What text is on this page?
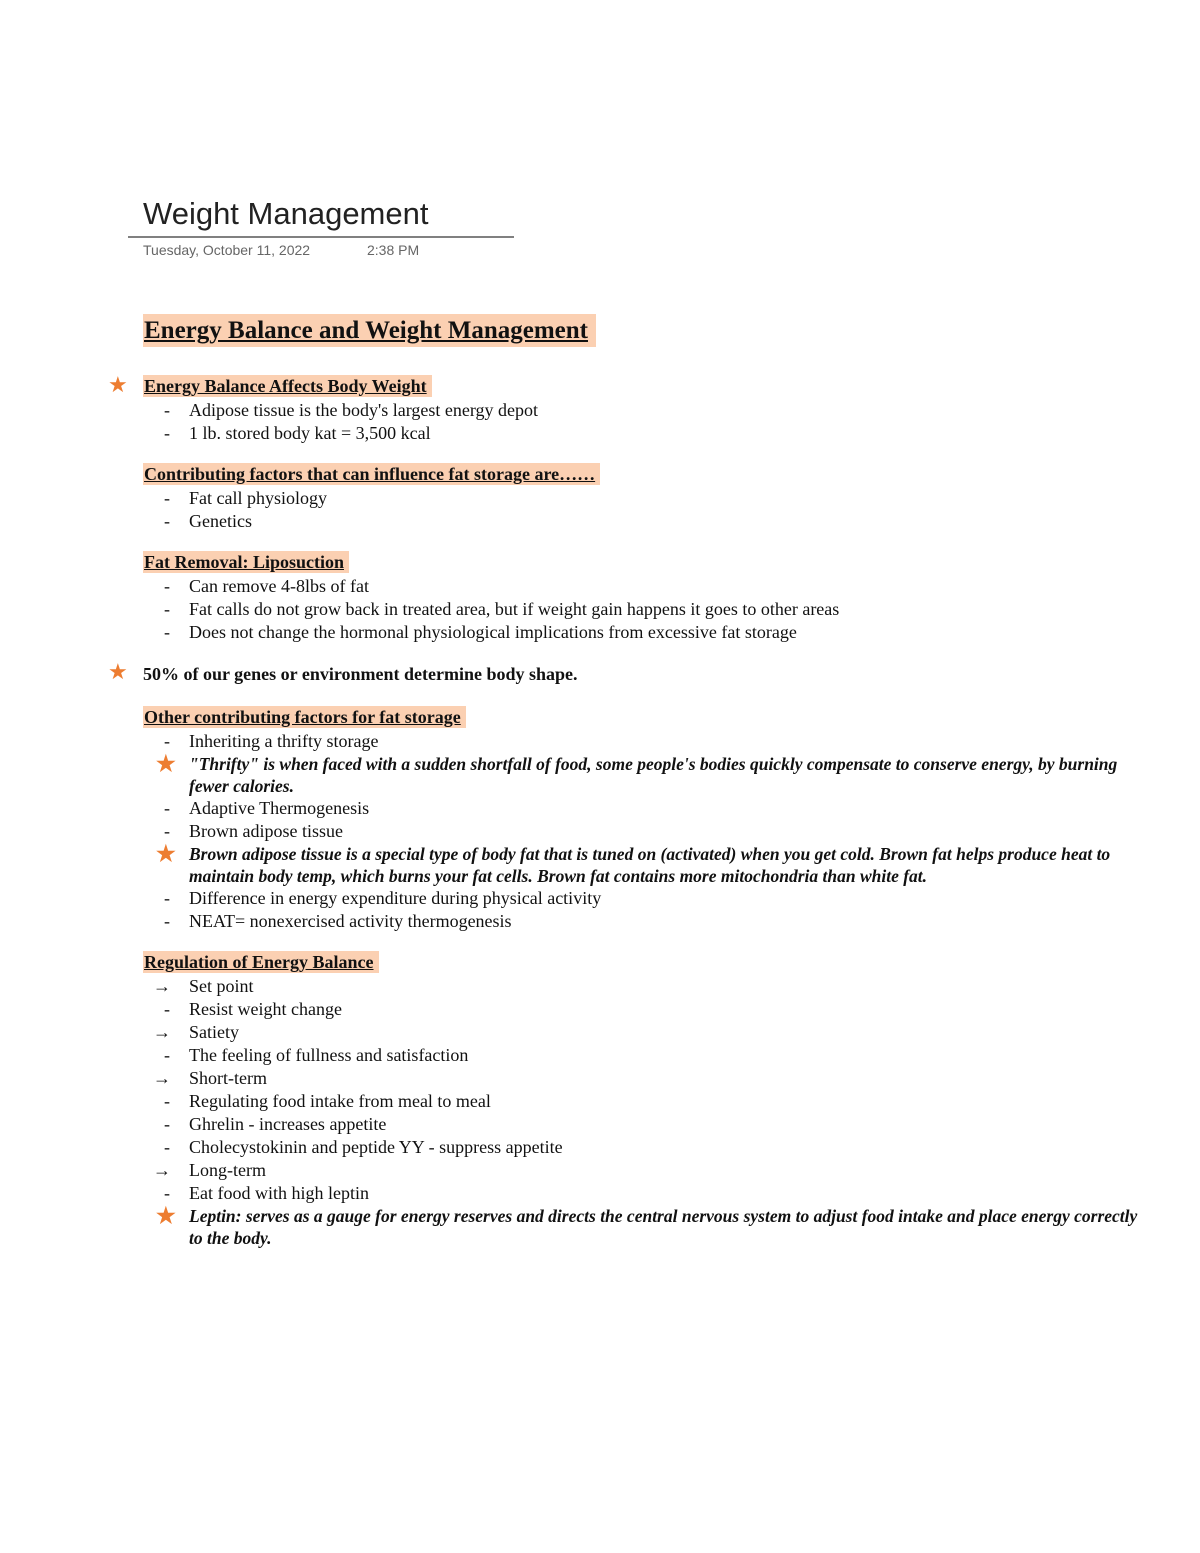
Weight Management
Tuesday, October 11, 2022	2:38 PM
Energy Balance and Weight Management
★ Energy Balance Affects Body Weight
-	Adipose tissue is the body's largest energy depot
-	1 lb. stored body kat = 3,500 kcal
Contributing factors that can influence fat storage are……
-	Fat call physiology
-	Genetics
Fat Removal: Liposuction
-	Can remove 4-8lbs of fat
-	Fat calls do not grow back in treated area, but if weight gain happens it goes to other areas
-	Does not change the hormonal physiological implications from excessive fat storage
★ 50% of our genes or environment determine body shape.
Other contributing factors for fat storage
-	Inheriting a thrifty storage
★ "Thrifty" is when faced with a sudden shortfall of food, some people's bodies quickly compensate to conserve energy, by burning fewer calories.
-	Adaptive Thermogenesis
-	Brown adipose tissue
★ Brown adipose tissue is a special type of body fat that is tuned on (activated) when you get cold. Brown fat helps produce heat to maintain body temp, which burns your fat cells. Brown fat contains more mitochondria than white fat.
-	Difference in energy expenditure during physical activity
-	NEAT= nonexercised activity thermogenesis
Regulation of Energy Balance
→ Set point
-	Resist weight change
→ Satiety
-	The feeling of fullness and satisfaction
→ Short-term
-	Regulating food intake from meal to meal
-	Ghrelin - increases appetite
-	Cholecystokinin and peptide YY - suppress appetite
→ Long-term
-	Eat food with high leptin
★ Leptin: serves as a gauge for energy reserves and directs the central nervous system to adjust food intake and place energy correctly to the body.
